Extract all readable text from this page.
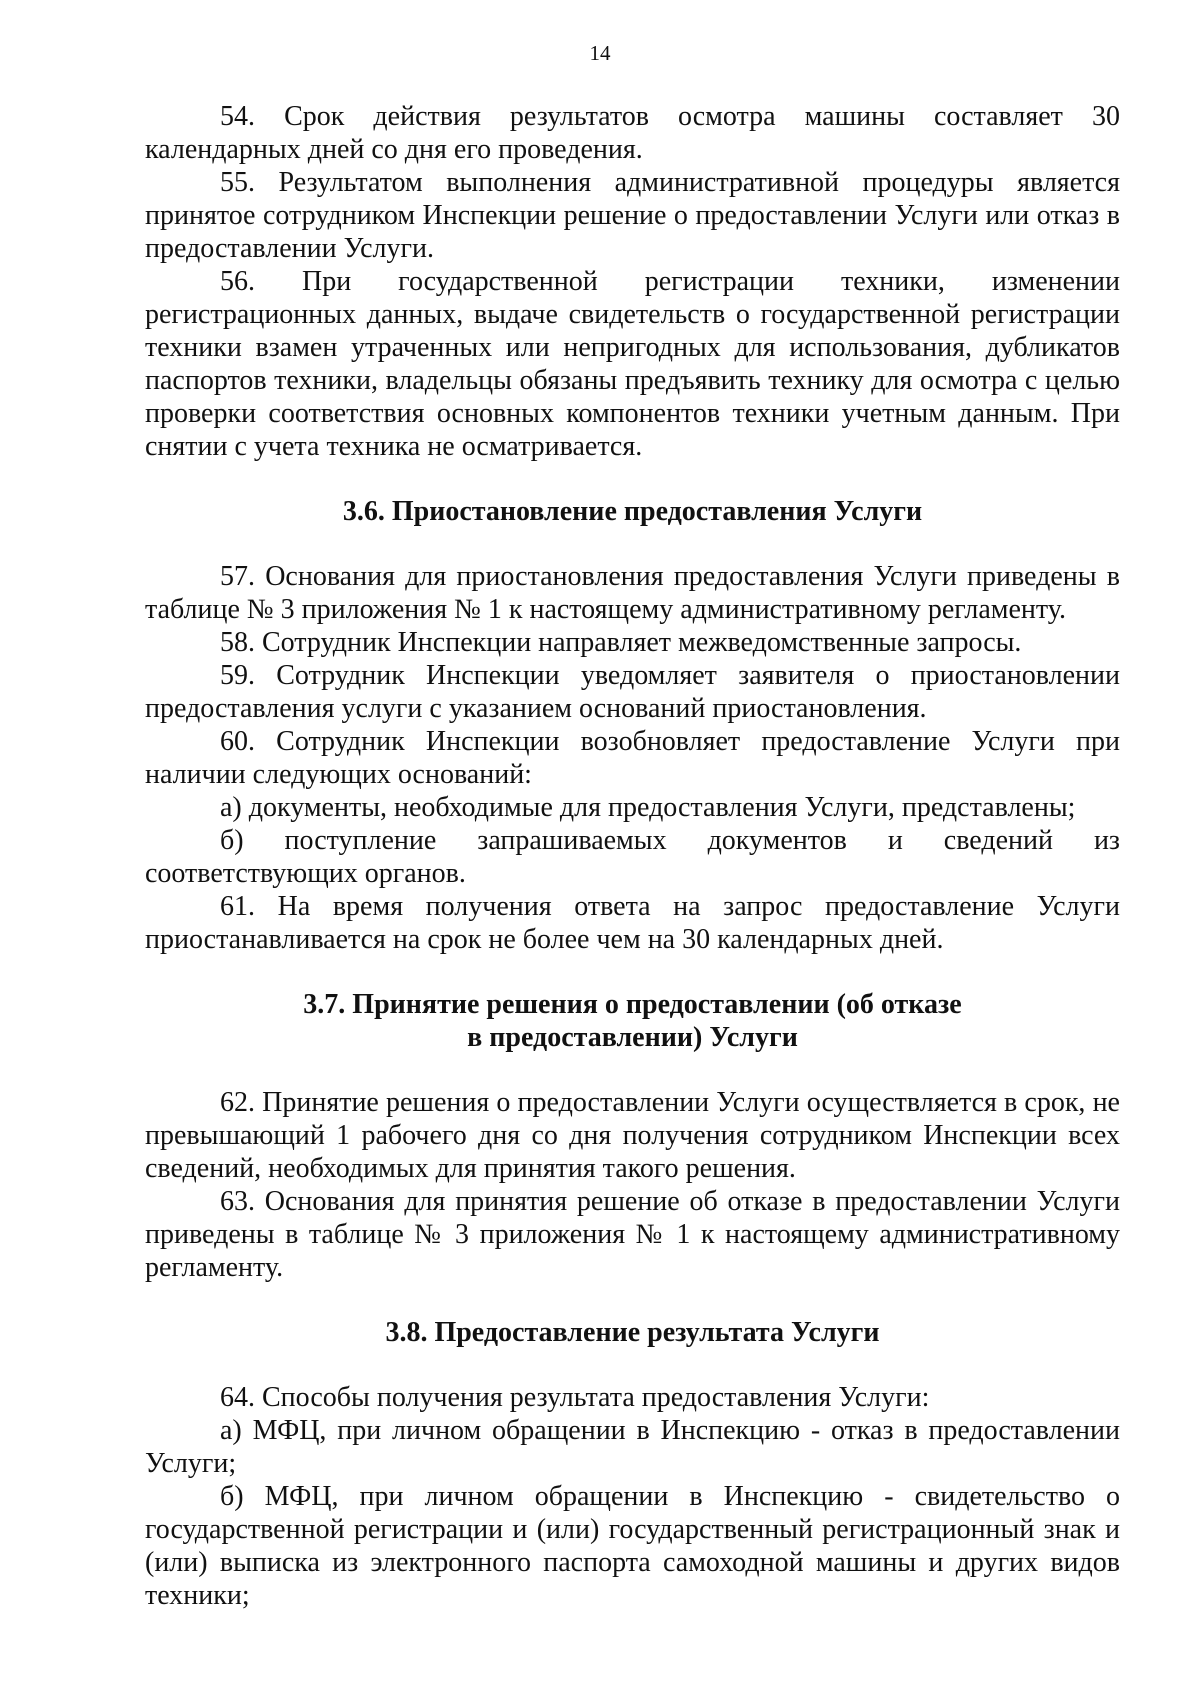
14

54. Срок действия результатов осмотра машины составляет 30 календарных дней со дня его проведения.

55. Результатом выполнения административной процедуры является принятое сотрудником Инспекции решение о предоставлении Услуги или отказ в предоставлении Услуги.

56. При государственной регистрации техники, изменении регистрационных данных, выдаче свидетельств о государственной регистрации техники взамен утраченных или непригодных для использования, дубликатов паспортов техники, владельцы обязаны предъявить технику для осмотра с целью проверки соответствия основных компонентов техники учетным данным. При снятии с учета техника не осматривается.

3.6. Приостановление предоставления Услуги

57. Основания для приостановления предоставления Услуги приведены в таблице № 3 приложения № 1 к настоящему административному регламенту.

58. Сотрудник Инспекции направляет межведомственные запросы.

59. Сотрудник Инспекции уведомляет заявителя о приостановлении предоставления услуги с указанием оснований приостановления.

60. Сотрудник Инспекции возобновляет предоставление Услуги при наличии следующих оснований:

а) документы, необходимые для предоставления Услуги, представлены;

б) поступление запрашиваемых документов и сведений из соответствующих органов.

61. На время получения ответа на запрос предоставление Услуги приостанавливается на срок не более чем на 30 календарных дней.

3.7. Принятие решения о предоставлении (об отказе в предоставлении) Услуги

62. Принятие решения о предоставлении Услуги осуществляется в срок, не превышающий 1 рабочего дня со дня получения сотрудником Инспекции всех сведений, необходимых для принятия такого решения.

63. Основания для принятия решение об отказе в предоставлении Услуги приведены в таблице № 3 приложения № 1 к настоящему административному регламенту.

3.8. Предоставление результата Услуги

64. Способы получения результата предоставления Услуги:

а) МФЦ, при личном обращении в Инспекцию - отказ в предоставлении Услуги;

б) МФЦ, при личном обращении в Инспекцию - свидетельство о государственной регистрации и (или) государственный регистрационный знак и (или) выписка из электронного паспорта самоходной машины и других видов техники;
